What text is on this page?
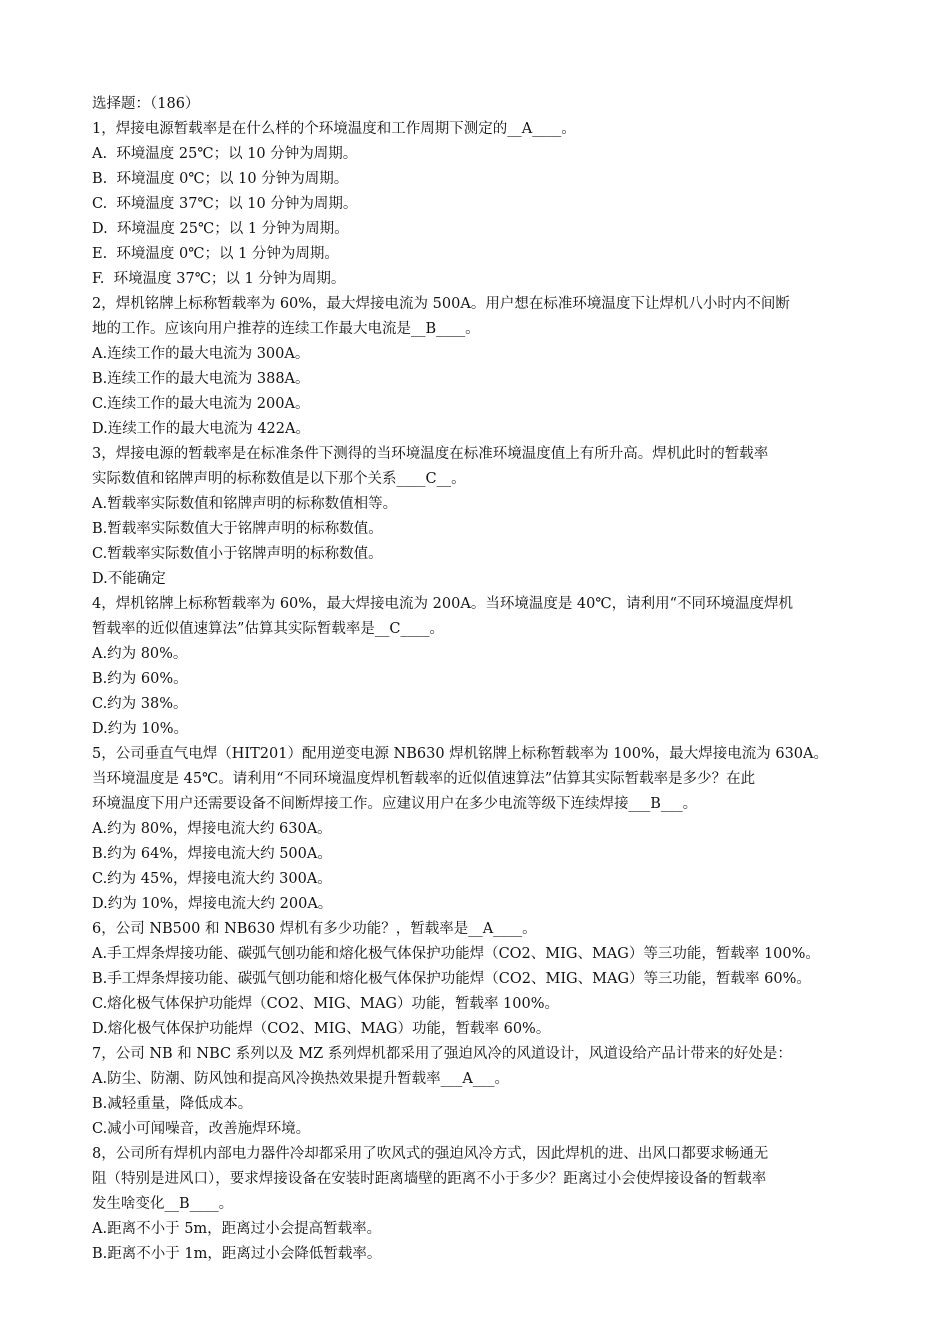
选择题：（186）

1，焊接电源暂载率是在什么样的个环境温度和工作周期下测定的__A____。

A.  环境温度 25℃；以 10 分钟为周期。

B.  环境温度 0℃；以 10 分钟为周期。

C.  环境温度 37℃；以 10 分钟为周期。

D.  环境温度 25℃；以 1 分钟为周期。

E.  环境温度 0℃；以 1 分钟为周期。

F.  环境温度 37℃；以 1 分钟为周期。

2，焊机铭牌上标称暂载率为 60%，最大焊接电流为 500A。用户想在标准环境温度下让焊机八小时内不间断

地的工作。应该向用户推荐的连续工作最大电流是__B____。

A.连续工作的最大电流为 300A。

B.连续工作的最大电流为 388A。

C.连续工作的最大电流为 200A。

D.连续工作的最大电流为 422A。

3，焊接电源的暂载率是在标准条件下测得的当环境温度在标准环境温度值上有所升高。焊机此时的暂载率

实际数值和铭牌声明的标称数值是以下那个关系____C__。

A.暂载率实际数值和铭牌声明的标称数值相等。

B.暂载率实际数值大于铭牌声明的标称数值。

C.暂载率实际数值小于铭牌声明的标称数值。

D.不能确定

4，焊机铭牌上标称暂载率为 60%，最大焊接电流为 200A。当环境温度是 40℃，请利用“不同环境温度焊机

暂载率的近似值速算法”估算其实际暂载率是__C____。

A.约为 80%。

B.约为 60%。

C.约为 38%。

D.约为 10%。

5，公司垂直气电焊（HIT201）配用逆变电源 NB630 焊机铭牌上标称暂载率为 100%，最大焊接电流为 630A。

当环境温度是 45℃。请利用“不同环境温度焊机暂载率的近似值速算法”估算其实际暂载率是多少？在此

环境温度下用户还需要设备不间断焊接工作。应建议用户在多少电流等级下连续焊接___B___。

A.约为 80%，焊接电流大约 630A。

B.约为 64%，焊接电流大约 500A。

C.约为 45%，焊接电流大约 300A。

D.约为 10%，焊接电流大约 200A。

6，公司 NB500 和 NB630 焊机有多少功能？，暂载率是__A____。

A.手工焊条焊接功能、碳弧气刨功能和熔化极气体保护功能焊（CO2、MIG、MAG）等三功能，暂载率 100%。

B.手工焊条焊接功能、碳弧气刨功能和熔化极气体保护功能焊（CO2、MIG、MAG）等三功能，暂载率 60%。

C.熔化极气体保护功能焊（CO2、MIG、MAG）功能，暂载率 100%。

D.熔化极气体保护功能焊（CO2、MIG、MAG）功能，暂载率 60%。

7，公司 NB 和 NBC 系列以及 MZ 系列焊机都采用了强迫风冷的风道设计，风道设给产品计带来的好处是：

A.防尘、防潮、防风蚀和提高风冷换热效果提升暂载率___A___。

B.减轻重量，降低成本。

C.减小可闻噪音，改善施焊环境。

8，公司所有焊机内部电力器件冷却都采用了吹风式的强迫风冷方式，因此焊机的进、出风口都要求畅通无

阻（特别是进风口），要求焊接设备在安装时距离墙壁的距离不小于多少？距离过小会使焊接设备的暂载率

发生啥变化__B____。

A.距离不小于 5m，距离过小会提高暂载率。

B.距离不小于 1m，距离过小会降低暂载率。
